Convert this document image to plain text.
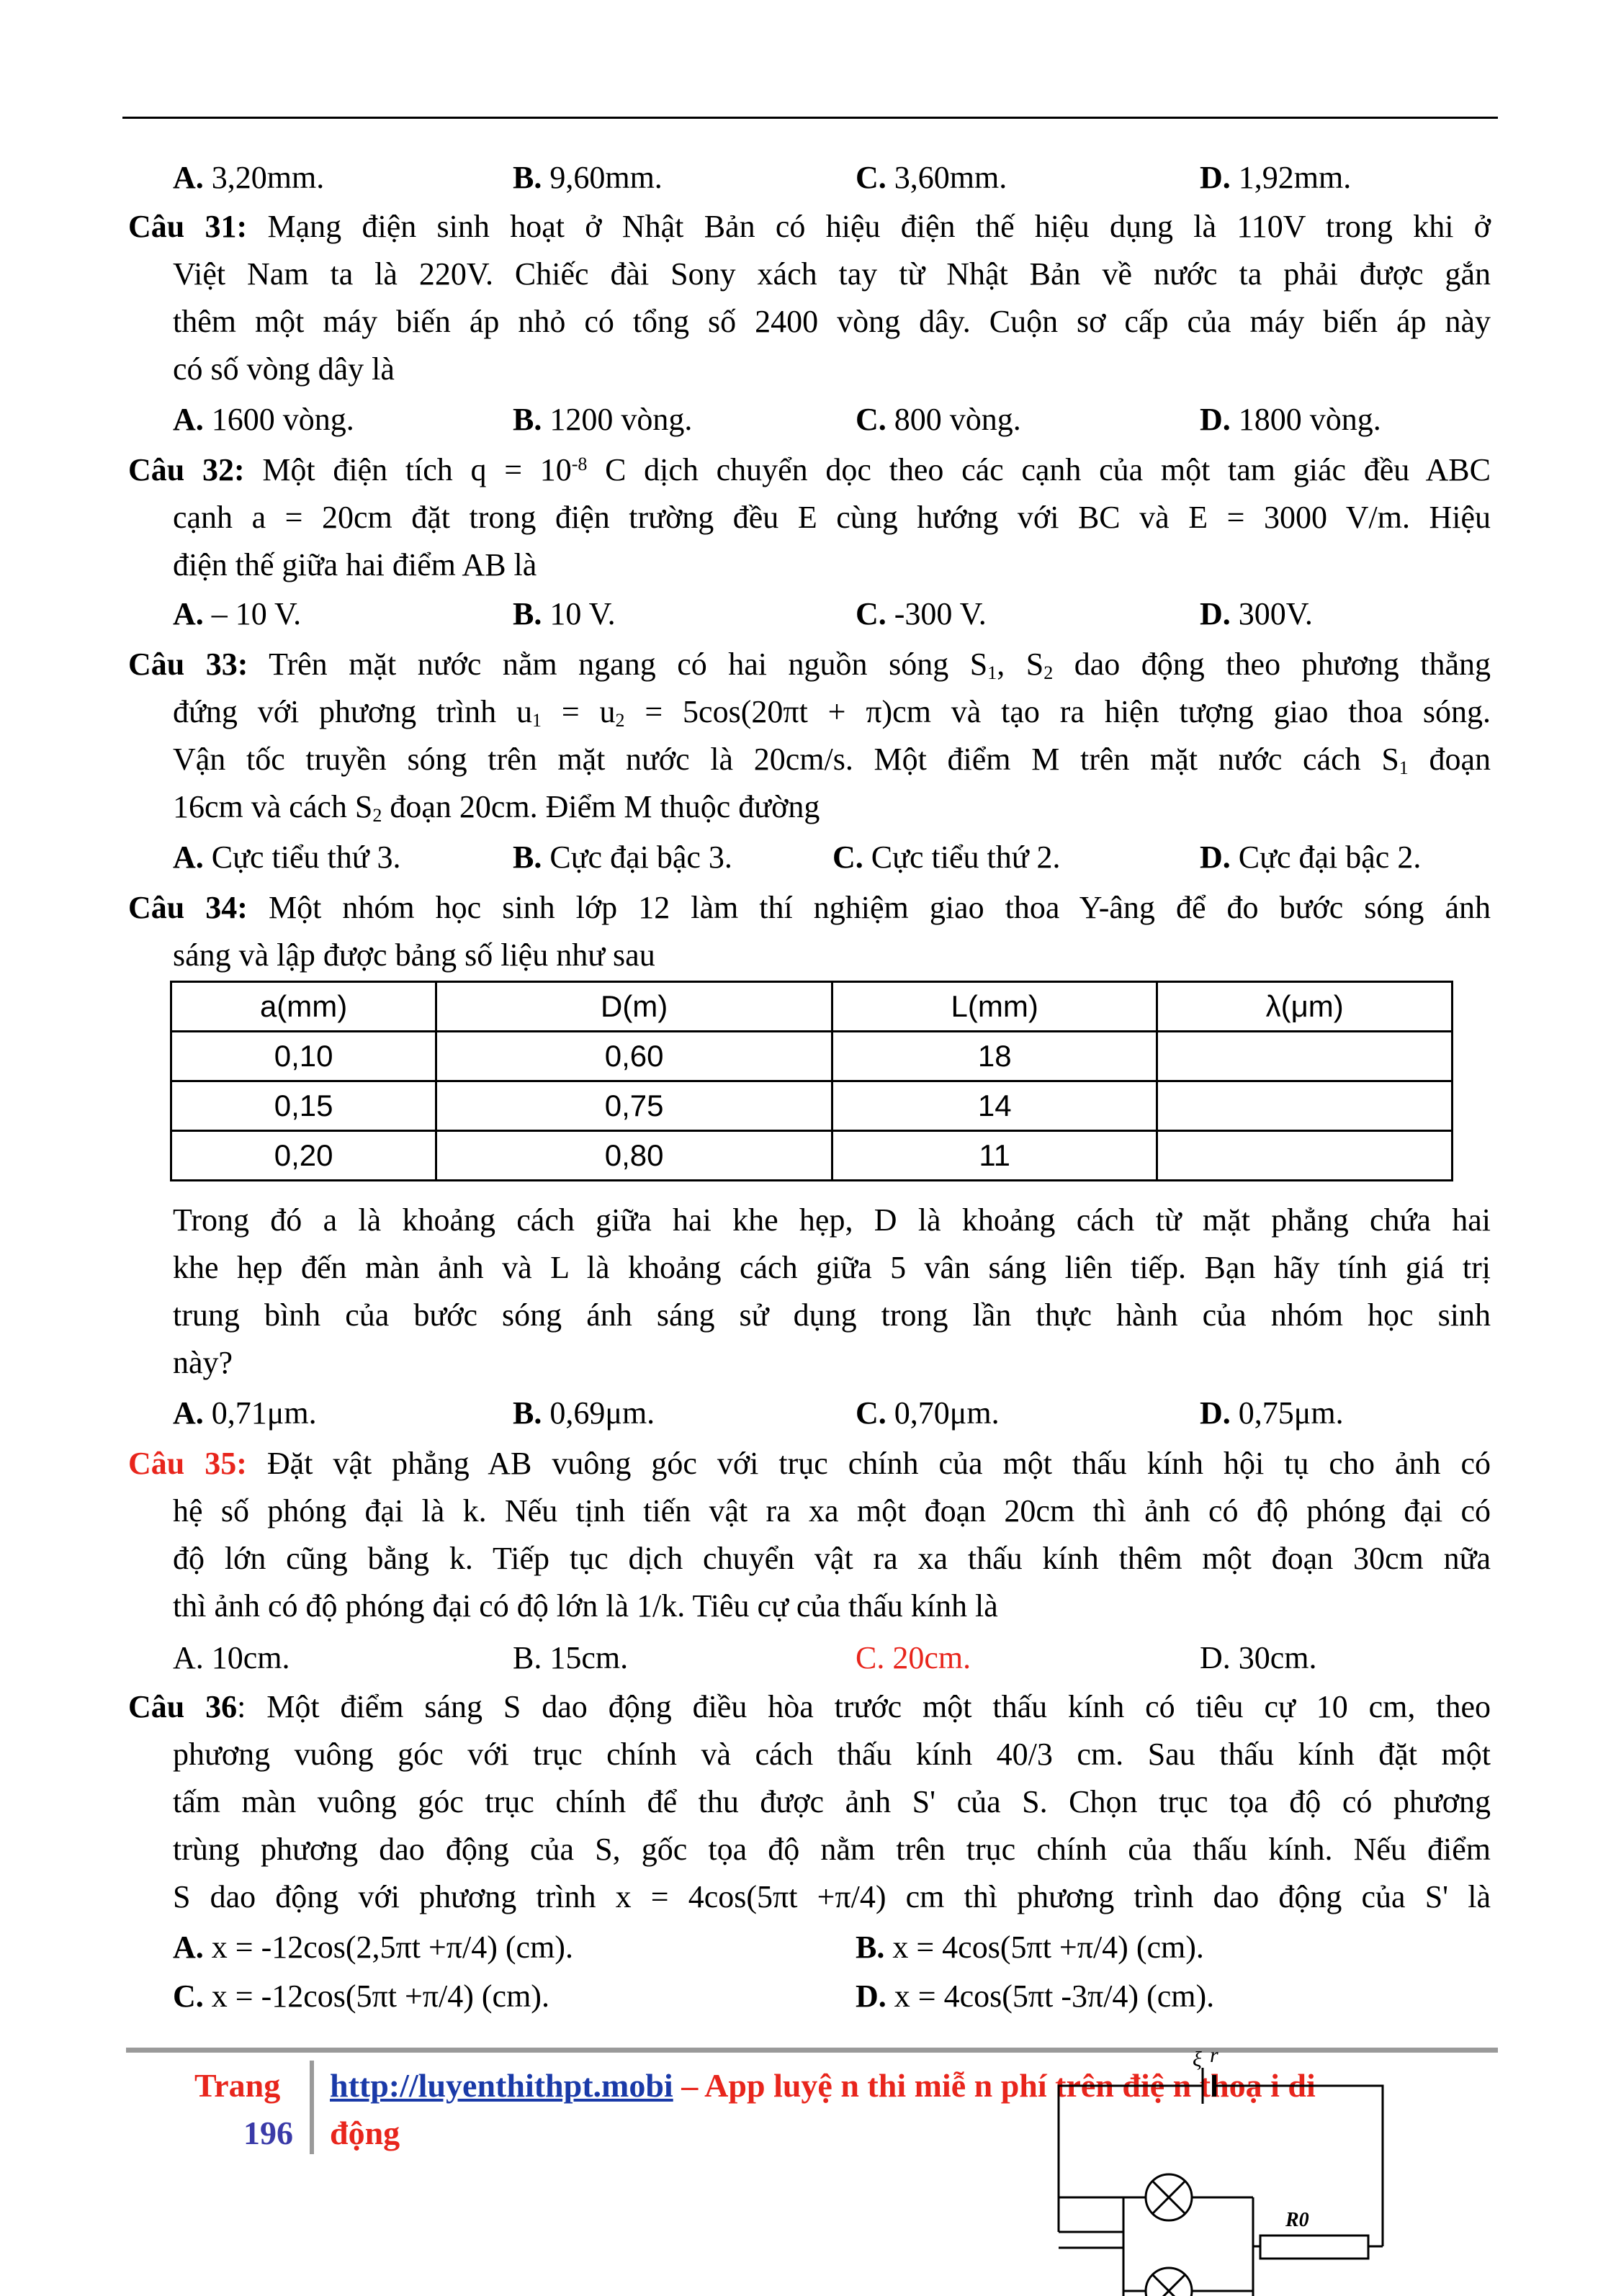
A. 3,20mm.	B. 9,60mm.	C. 3,60mm.	D. 1,92mm.
Câu 31: Mạng điện sinh hoạt ở Nhật Bản có hiệu điện thế hiệu dụng là 110V trong khi ở
Việt Nam ta là 220V. Chiếc đài Sony xách tay từ Nhật Bản về nước ta phải được gắn
thêm một máy biến áp nhỏ có tổng số 2400 vòng dây. Cuộn sơ cấp của máy biến áp này
có số vòng dây là
A. 1600 vòng.	B. 1200 vòng.	C. 800 vòng.	D. 1800 vòng.
Câu 32: Một điện tích $q = 10^{-8}$ C dịch chuyển dọc theo các cạnh của một tam giác đều ABC
cạnh a = 20cm đặt trong điện trường đều E cùng hướng với BC và E = 3000 V/m. Hiệu
điện thế giữa hai điểm AB là
A. – 10 V.	B. 10 V.	C. -300 V.	D. 300V.
Câu 33: Trên mặt nước nằm ngang có hai nguồn sóng $S_1$, $S_2$ dao động theo phương thẳng
đứng với phương trình $u_1 = u_2 = 5\cos(20\pi t + \pi)cm$ và tạo ra hiện tượng giao thoa sóng.
Vận tốc truyền sóng trên mặt nước là 20cm/s. Một điểm M trên mặt nước cách $S_1$ đoạn
16cm và cách $S_2$ đoạn 20cm. Điểm M thuộc đường
A. Cực tiểu thứ 3.	B. Cực đại bậc 3.	C. Cực tiểu thứ 2.	D. Cực đại bậc 2.
Câu 34: Một nhóm học sinh lớp 12 làm thí nghiệm giao thoa Y-âng để đo bước sóng ánh
sáng và lập được bảng số liệu như sau
a(mm)	D(m)	L(mm)	λ(μm)
0,10	0,60	18	
0,15	0,75	14	
0,20	0,80	11	
Trong đó a là khoảng cách giữa hai khe hẹp, D là khoảng cách từ mặt phẳng chứa hai
khe hẹp đến màn ảnh và L là khoảng cách giữa 5 vân sáng liên tiếp. Bạn hãy tính giá trị
trung bình của bước sóng ánh sáng sử dụng trong lần thực hành của nhóm học sinh
này?
A. 0,71μm.	B. 0,69μm.	C. 0,70μm.	D. 0,75μm.
Câu 35: Đặt vật phẳng AB vuông góc với trục chính của một thấu kính hội tụ cho ảnh có
hệ số phóng đại là k. Nếu tịnh tiến vật ra xa một đoạn 20cm thì ảnh có độ phóng đại có
độ lớn cũng bằng k. Tiếp tục dịch chuyển vật ra xa thấu kính thêm một đoạn 30cm nữa
thì ảnh có độ phóng đại có độ lớn là 1/k. Tiêu cự của thấu kính là
A. 10cm.	B. 15cm.	C. 20cm.	D. 30cm.
Câu 36: Một điểm sáng S dao động điều hòa trước một thấu kính có tiêu cự 10 cm, theo
phương vuông góc với trục chính và cách thấu kính 40/3 cm. Sau thấu kính đặt một
tấm màn vuông góc trục chính để thu được ảnh S' của S. Chọn trục tọa độ có phương
trùng phương dao động của S, gốc tọa độ nằm trên trục chính của thấu kính. Nếu điểm
S dao động với phương trình x = 4cos(5πt +π/4) cm thì phương trình dao động của S' là
A. x = -12cos(2,5πt +π/4) (cm).	B. x = 4cos(5πt +π/4) (cm).
C. x = -12cos(5πt +π/4) (cm).	D. x = 4cos(5πt -3π/4) (cm).
Trang
196
http://luyenthithpt.mobi – App luyệ n thi miễ n phí trên điệ n thoạ i di
động
ξ r
R0
